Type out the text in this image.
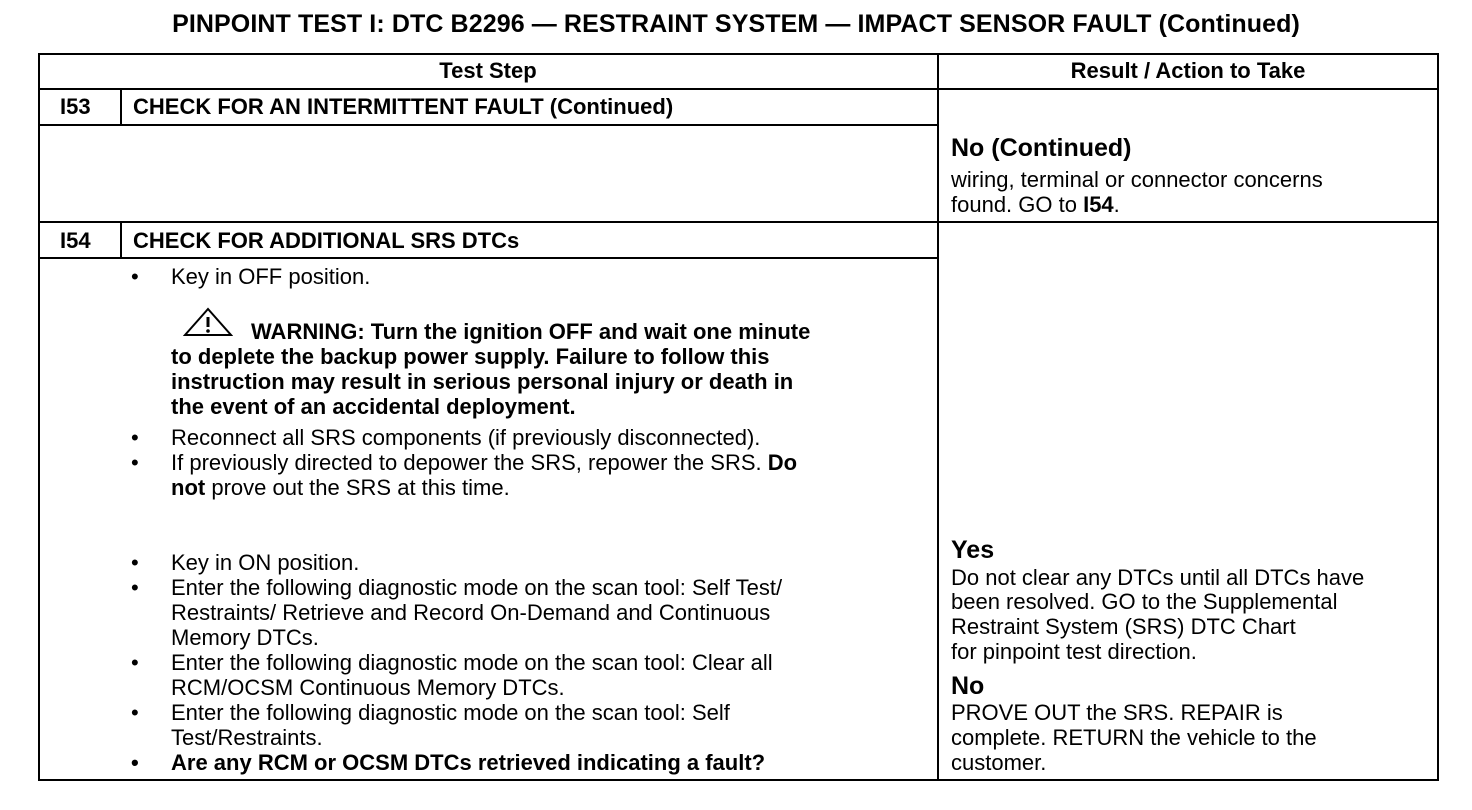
PINPOINT TEST I: DTC B2296 — RESTRAINT SYSTEM — IMPACT SENSOR FAULT (Continued)
Test Step	Result / Action to Take
I53 CHECK FOR AN INTERMITTENT FAULT (Continued)
No (Continued)
wiring, terminal or connector concerns
found. GO to I54.
I54 CHECK FOR ADDITIONAL SRS DTCs
• Key in OFF position.
WARNING: Turn the ignition OFF and wait one minute
to deplete the backup power supply. Failure to follow this
instruction may result in serious personal injury or death in
the event of an accidental deployment.
• Reconnect all SRS components (if previously disconnected).
• If previously directed to depower the SRS, repower the SRS. Do
not prove out the SRS at this time.
• Key in ON position.
• Enter the following diagnostic mode on the scan tool: Self Test/
Restraints/ Retrieve and Record On-Demand and Continuous
Memory DTCs.
• Enter the following diagnostic mode on the scan tool: Clear all
RCM/OCSM Continuous Memory DTCs.
• Enter the following diagnostic mode on the scan tool: Self
Test/Restraints.
• Are any RCM or OCSM DTCs retrieved indicating a fault?
Yes
Do not clear any DTCs until all DTCs have
been resolved. GO to the Supplemental
Restraint System (SRS) DTC Chart
for pinpoint test direction.
No
PROVE OUT the SRS. REPAIR is
complete. RETURN the vehicle to the
customer.
